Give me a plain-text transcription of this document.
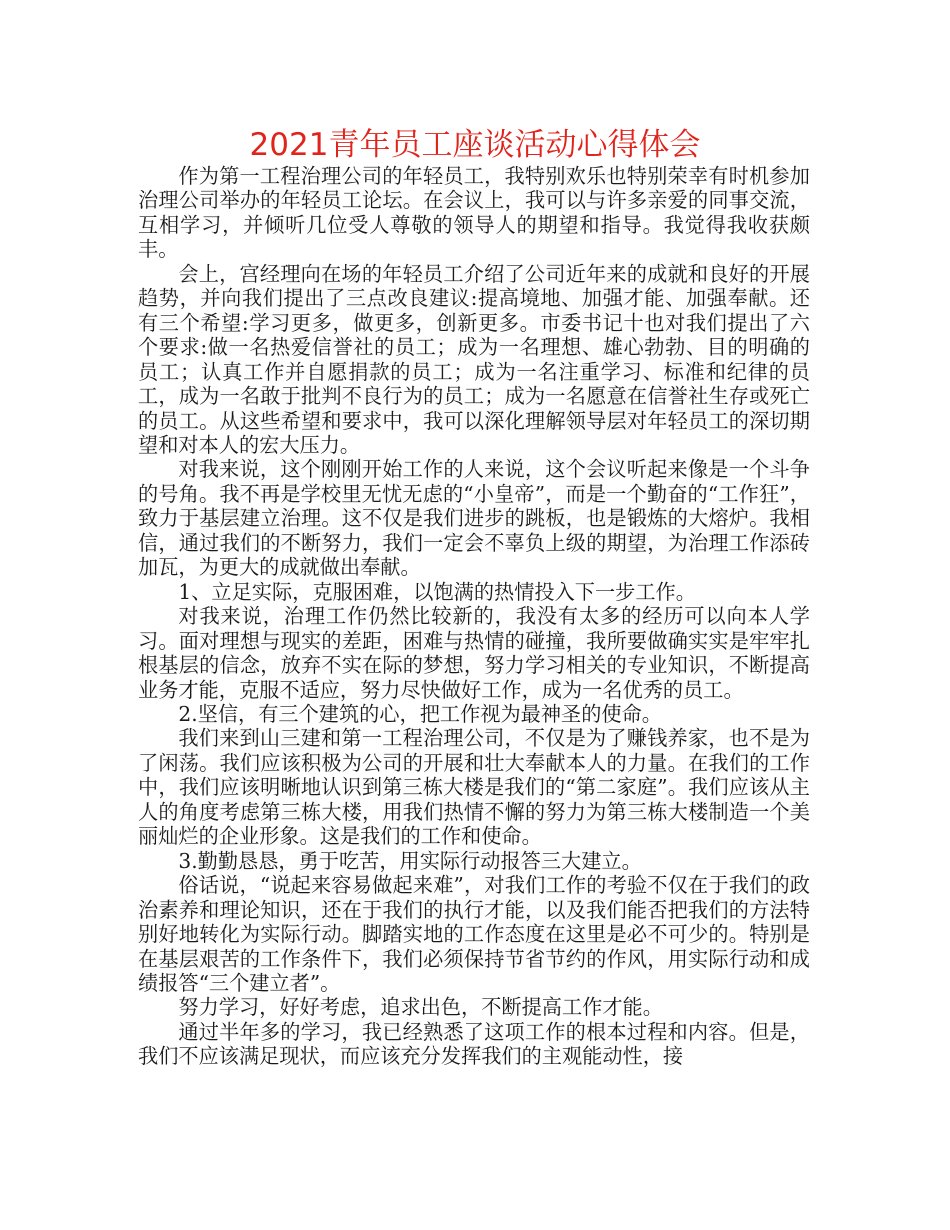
2021青年员工座谈活动心得体会

作为第一工程治理公司的年轻员工，我特别欢乐也特别荣幸有时机参加治理公司举办的年轻员工论坛。在会议上，我可以与许多亲爱的同事交流，互相学习，并倾听几位受人尊敬的领导人的期望和指导。我觉得我收获颇丰。

会上，宫经理向在场的年轻员工介绍了公司近年来的成就和良好的开展趋势，并向我们提出了三点改良建议:提高境地、加强才能、加强奉献。还有三个希望:学习更多，做更多，创新更多。市委书记十也对我们提出了六个要求:做一名热爱信誉社的员工；成为一名理想、雄心勃勃、目的明确的员工；认真工作并自愿捐款的员工；成为一名注重学习、标准和纪律的员工，成为一名敢于批判不良行为的员工；成为一名愿意在信誉社生存或死亡的员工。从这些希望和要求中，我可以深化理解领导层对年轻员工的深切期望和对本人的宏大压力。

对我来说，这个刚刚开始工作的人来说，这个会议听起来像是一个斗争的号角。我不再是学校里无忧无虑的“小皇帝”，而是一个勤奋的“工作狂”，致力于基层建立治理。这不仅是我们进步的跳板，也是锻炼的大熔炉。我相信，通过我们的不断努力，我们一定会不辜负上级的期望，为治理工作添砖加瓦，为更大的成就做出奉献。

1、立足实际，克服困难，以饱满的热情投入下一步工作。

对我来说，治理工作仍然比较新的，我没有太多的经历可以向本人学习。面对理想与现实的差距，困难与热情的碰撞，我所要做确实实是牢牢扎根基层的信念，放弃不实在际的梦想，努力学习相关的专业知识，不断提高业务才能，克服不适应，努力尽快做好工作，成为一名优秀的员工。

2.坚信，有三个建筑的心，把工作视为最神圣的使命。

我们来到山三建和第一工程治理公司，不仅是为了赚钱养家，也不是为了闲荡。我们应该积极为公司的开展和壮大奉献本人的力量。在我们的工作中，我们应该明晰地认识到第三栋大楼是我们的“第二家庭”。我们应该从主人的角度考虑第三栋大楼，用我们热情不懈的努力为第三栋大楼制造一个美丽灿烂的企业形象。这是我们的工作和使命。

3.勤勤恳恳，勇于吃苦，用实际行动报答三大建立。

俗话说，“说起来容易做起来难”，对我们工作的考验不仅在于我们的政治素养和理论知识，还在于我们的执行才能，以及我们能否把我们的方法特别好地转化为实际行动。脚踏实地的工作态度在这里是必不可少的。特别是在基层艰苦的工作条件下，我们必须保持节省节约的作风，用实际行动和成绩报答“三个建立者”。

努力学习，好好考虑，追求出色，不断提高工作才能。

通过半年多的学习，我已经熟悉了这项工作的根本过程和内容。但是，我们不应该满足现状，而应该充分发挥我们的主观能动性，接
